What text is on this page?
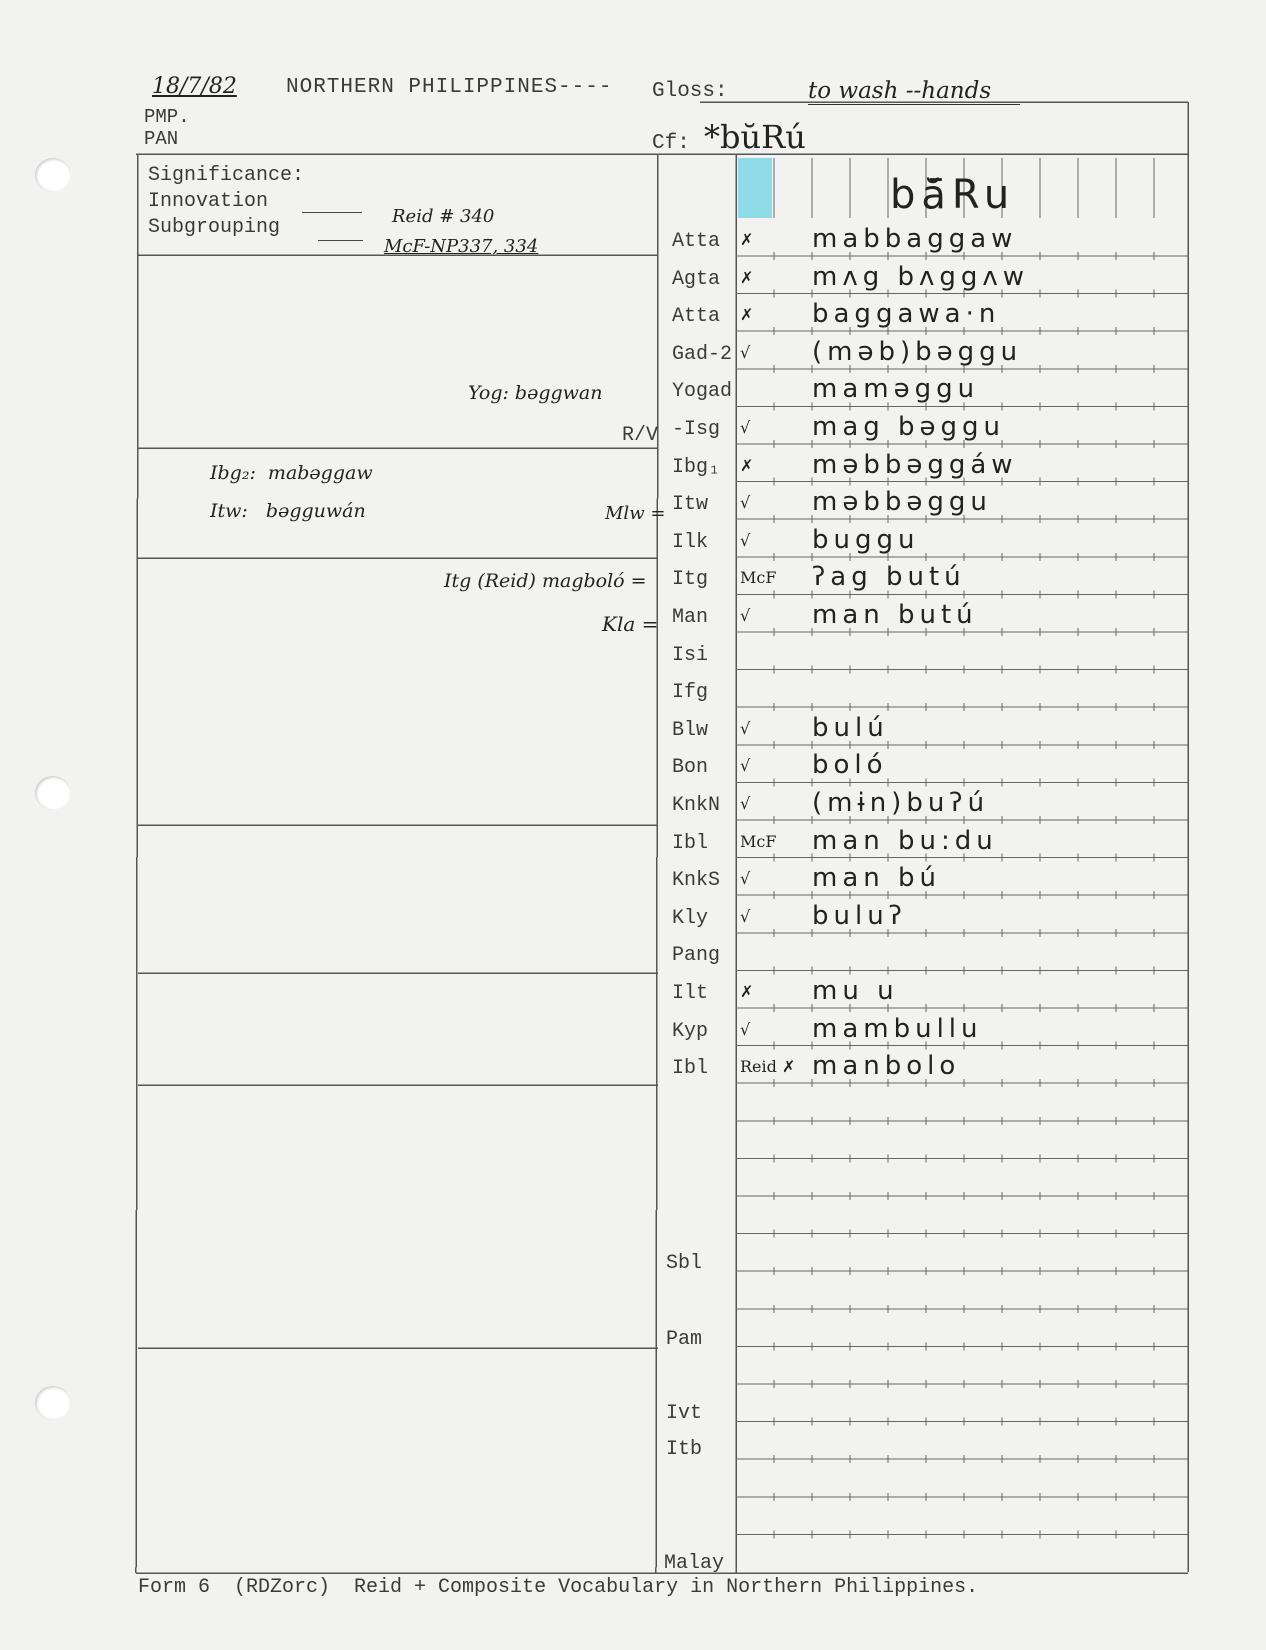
18/7/82 NORTHERN PHILIPPINES---- Gloss:	to wash --hands
PMP.
PAN	Cf: *bŭRú
Significance:
Innovation
Subgrouping	Reid # 340
McF-NP337, 334
bă̄Ru
Yog: bəggwan
R/V
Ibg₂:  mabəggaw
Itw:   bəgguwán	Mlw =
Itg (Reid) magboló =
Kla =
Atta ✗ mabbaggaw
Agta ✗ mʌg bʌggʌw
Atta ✗ baggawa·n
Gad-2 √ (məb)bəggu
Yogad	maməggu
-Isg √ mag bəggu
Ibg₁ ✗ məbbəggáw
Itw √ məbbəggu
Ilk √ buggu
Itg McF ʔag butú
Man √ man butú
Isi
Ifg
Blw √ bulú
Bon √ boló
KnkN √ (mɨn)buʔú
Ibl McF man bu:du
KnkS √ man bú
Kly √ buluʔ
Pang
Ilt ✗ mu u
Kyp √ mambullu
Ibl Reid ✗ manbolo
Sbl
Pam
Ivt
Itb
Malay
Form 6  (RDZorc)  Reid + Composite Vocabulary in Northern Philippines.
